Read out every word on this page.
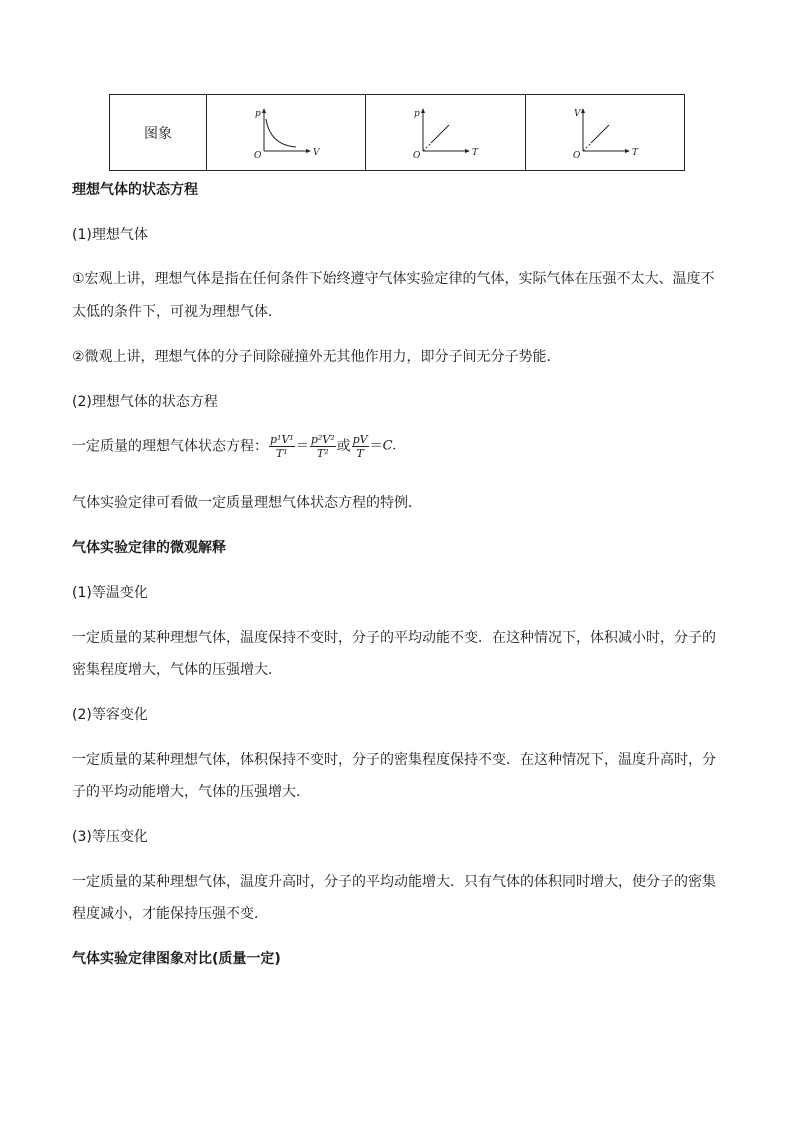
图象	
p
V
O

p
T
O

V
T
O
理想气体的状态方程
(1)理想气体
①宏观上讲，理想气体是指在任何条件下始终遵守气体实验定律的气体，实际气体在压强不太大、温度不
太低的条件下，可视为理想气体．
②微观上讲，理想气体的分子间除碰撞外无其他作用力，即分子间无分子势能．
(2)理想气体的状态方程
一定质量的理想气体状态方程： $\frac{\text{p¹V¹}}{\text{T¹}} = \frac{\text{p²V²}}{\text{T²}}$ 或 $\frac{pV}{T} =C$.
气体实验定律可看做一定质量理想气体状态方程的特例．
气体实验定律的微观解释
(1)等温变化
一定质量的某种理想气体，温度保持不变时，分子的平均动能不变．在这种情况下，体积减小时，分子的
密集程度增大，气体的压强增大．
(2)等容变化
一定质量的某种理想气体，体积保持不变时，分子的密集程度保持不变．在这种情况下，温度升高时，分
子的平均动能增大，气体的压强增大．
(3)等压变化
一定质量的某种理想气体，温度升高时，分子的平均动能增大．只有气体的体积同时增大，使分子的密集
程度减小，才能保持压强不变．
气体实验定律图象对比(质量一定)
